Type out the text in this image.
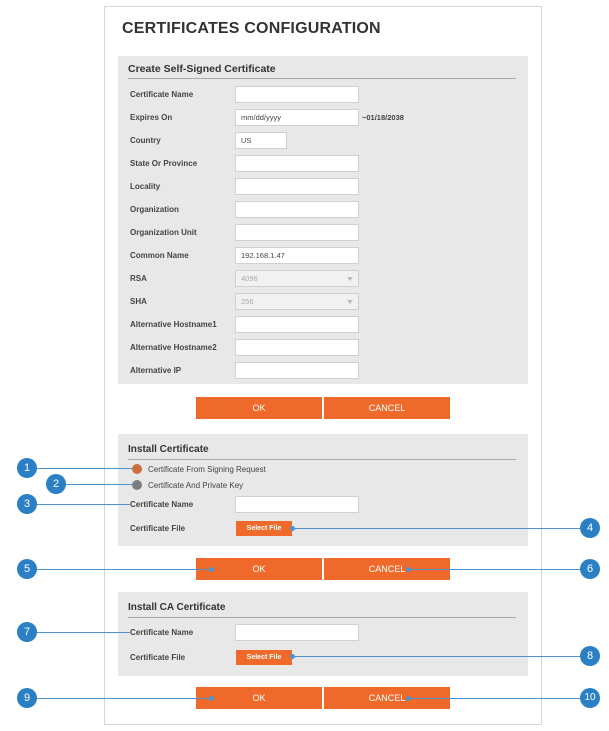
CERTIFICATES CONFIGURATION
Create Self-Signed Certificate
Certificate Name
Expires On	mm/dd/yyyy	~01/18/2038
Country	US
State Or Province
Locality
Organization
Organization Unit
Common Name	192.168.1.47
RSA	4096
SHA	256
Alternative Hostname1
Alternative Hostname2
Alternative IP
OK	CANCEL
Install Certificate
Certificate From Signing Request
Certificate And Private Key
Certificate Name
Certificate File	Select File
OK	CANCEL
Install CA Certificate
Certificate Name
Certificate File	Select File
OK	CANCEL
1
2
3
4
5	6
7
8
9	10
